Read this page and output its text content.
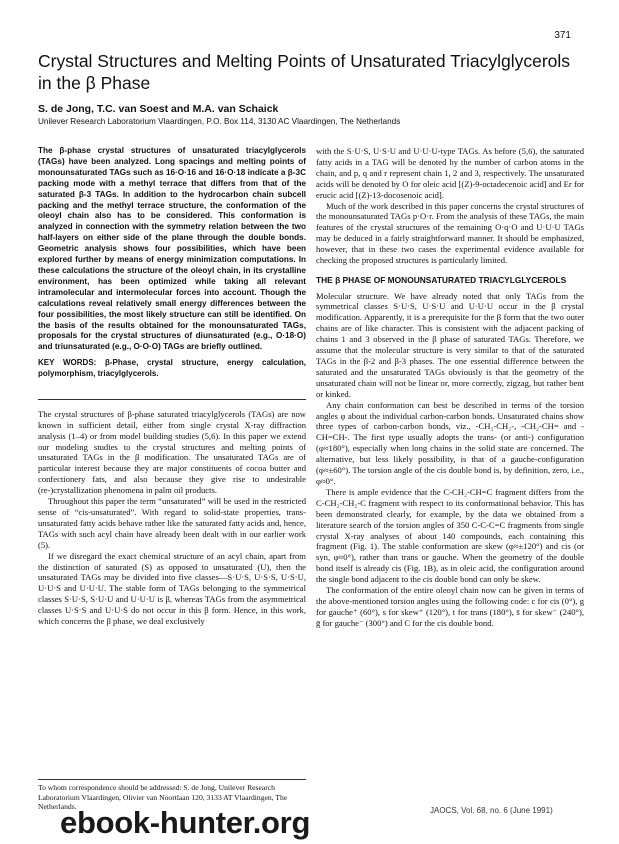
371
Crystal Structures and Melting Points of Unsaturated Triacylglycerols in the β Phase
S. de Jong, T.C. van Soest and M.A. van Schaick
Unilever Research Laboratorium Vlaardingen, P.O. Box 114, 3130 AC Vlaardingen, The Netherlands

The β-phase crystal structures of unsaturated triacylglycerols (TAGs) have been analyzed. Long spacings and melting points of monounsaturated TAGs such as 16·O·16 and 16·O·18 indicate a β-3C packing mode with a methyl terrace that differs from that of the saturated β-3 TAGs. In addition to the hydrocarbon chain subcell packing and the methyl terrace structure, the conformation of the oleoyl chain also has to be considered. This conformation is analyzed in connection with the symmetry relation between the two half-layers on either side of the plane through the double bonds. Geometric analysis shows four possibilities, which have been explored further by means of energy minimization computations. In these calculations the structure of the oleoyl chain, in its crystalline environment, has been optimized while taking all relevant intramolecular and intermolecular forces into account. Though the calculations reveal relatively small energy differences between the four possibilities, the most likely structure can still be identified. On the basis of the results obtained for the monounsaturated TAGs, proposals for the crystal structures of diunsaturated (e.g., O·18·O) and triunsaturated (e.g., O·O·O) TAGs are briefly outlined.

KEY WORDS: β-Phase, crystal structure, energy calculation, polymorphism, triacylglycerols.

The crystal structures of β-phase saturated triacylglycerols (TAGs) are now known in sufficient detail, either from single crystal X-ray diffraction analysis (1–4) or from model building studies (5,6). In this paper we extend our modeling studies to the crystal structures and melting points of unsaturated TAGs in the β modification. The unsaturated TAGs are of particular interest because they are major constituents of cocoa butter and confectionery fats, and also because they give rise to undesirable (re-)crystallization phenomena in palm oil products.

Throughout this paper the term “unsaturated” will be used in the restricted sense of “cis-unsaturated”. With regard to solid-state properties, trans-unsaturated fatty acids behave rather like the saturated fatty acids and, hence, TAGs with such acyl chain have already been dealt with in our earlier work (5).

If we disregard the exact chemical structure of an acyl chain, apart from the distinction of saturated (S) as opposed to unsaturated (U), then the unsaturated TAGs may be divided into five classes—S·U·S, U·S·S, U·S·U, U·U·S and U·U·U. The stable form of TAGs belonging to the symmetrical classes S·U·S, S·U·U and U·U·U is β, whereas TAGs from the asymmetrical classes U·S·S and U·U·S do not occur in this β form. Hence, in this work, which concerns the β phase, we deal exclusively

To whom correspondence should be addressed: S. de Jong, Unilever Research Laboratorium Vlaardingen, Olivier van Noortlaan 120, 3133 AT Vlaardingen, The Netherlands.

with the S·U·S, U·S·U and U·U·U-type TAGs. As before (5,6), the saturated fatty acids in a TAG will be denoted by the number of carbon atoms in the chain, and p, q and r represent chain 1, 2 and 3, respectively. The unsaturated acids will be denoted by O for oleic acid [(Z)-9-octadecenoic acid] and Er for erucic acid [(Z)-13-docosenoic acid].

Much of the work described in this paper concerns the crystal structures of the monounsaturated TAGs p·O·r. From the analysis of these TAGs, the main features of the crystal structures of the remaining O·q·O and U·U·U TAGs may be deduced in a fairly straightforward manner. It should be emphasized, however, that in these two cases the experimental evidence available for checking the proposed structures is particularly limited.

THE β PHASE OF MONOUNSATURATED TRIACYLGLYCEROLS

Molecular structure. We have already noted that only TAGs from the symmetrical classes S·U·S, U·S·U and U·U·U occur in the β crystal modification. Apparently, it is a prerequisite for the β form that the two outer chains are of like character. This is consistent with the adjacent packing of chains 1 and 3 observed in the β phase of saturated TAGs. Therefore, we assume that the molecular structure is very similar to that of the saturated TAGs in the β-2 and β-3 phases. The one essential difference between the saturated and the unsaturated TAGs obviously is that the geometry of the unsaturated chain will not be linear or, more correctly, zigzag, but rather bent or kinked.

Any chain conformation can best be described in terms of the torsion angles φ about the individual carbon-carbon bonds. Unsaturated chains show three types of carbon-carbon bonds, viz., -CH₂-CH₂-, -CH₂-CH= and -CH=CH-. The first type usually adopts the trans- (or anti-) configuration (φ≈180°), especially when long chains in the solid state are concerned. The alternative, but less likely possibility, is that of a gauche-configuration (φ≈±60°). The torsion angle of the cis double bond is, by definition, zero, i.e., φ≈0°.

There is ample evidence that the C-CH₂-CH=C fragment differs from the C-CH₂-CH₂-C fragment with respect to its conformational behavior. This has been demonstrated clearly, for example, by the data we obtained from a literature search of the torsion angles of 350 C-C-C=C fragments from single crystal X-ray analyses of about 140 compounds, each containing this fragment (Fig. 1). The stable conformation are skew (φ≈±120°) and cis (or syn, φ≈0°), rather than trans or gauche. When the geometry of the double bond itself is already cis (Fig. 1B), as in oleic acid, the configuration around the single bond adjacent to the cis double bond can only be skew.

The conformation of the entire oleoyl chain now can be given in terms of the above-mentioned torsion angles using the following code: c for cis (0°), g for gauche⁺ (60°), s for skew⁺ (120°), t for trans (180°), s̄ for skew⁻ (240°), ḡ for gauche⁻ (300°) and C for the cis double bond.

JAOCS, Vol. 68, no. 6 (June 1991)
ebook-hunter.org
